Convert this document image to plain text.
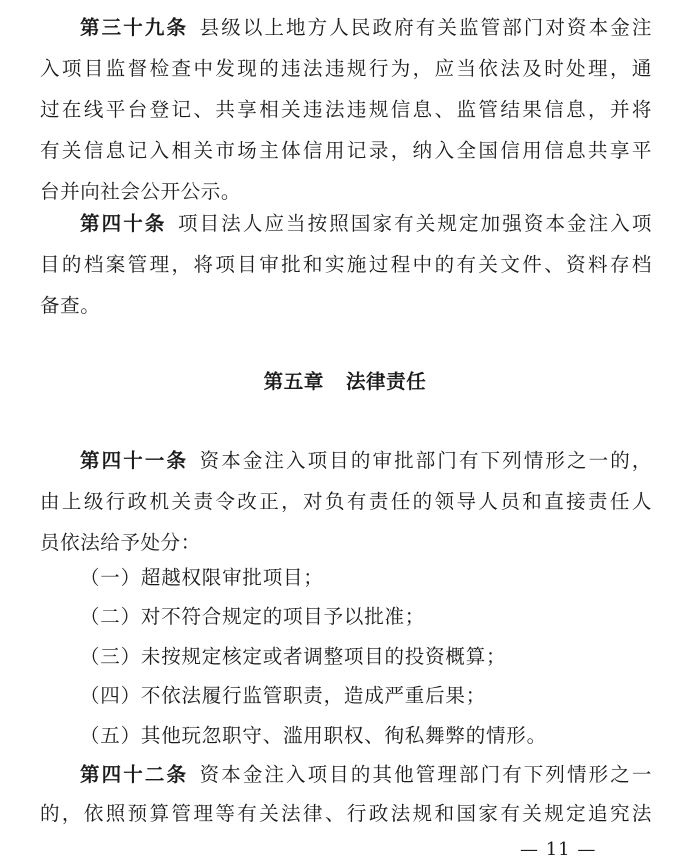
第三十九条 县级以上地方人民政府有关监管部门对资本金注
入项目监督检查中发现的违法违规行为，应当依法及时处理，通
过在线平台登记、共享相关违法违规信息、监管结果信息，并将
有关信息记入相关市场主体信用记录，纳入全国信用信息共享平
台并向社会公开公示。
第四十条 项目法人应当按照国家有关规定加强资本金注入项
目的档案管理，将项目审批和实施过程中的有关文件、资料存档
备查。
第五章 法律责任
第四十一条 资本金注入项目的审批部门有下列情形之一的，
由上级行政机关责令改正，对负有责任的领导人员和直接责任人
员依法给予处分：
（一）超越权限审批项目；
（二）对不符合规定的项目予以批准；
（三）未按规定核定或者调整项目的投资概算；
（四）不依法履行监管职责，造成严重后果；
（五）其他玩忽职守、滥用职权、徇私舞弊的情形。
第四十二条 资本金注入项目的其他管理部门有下列情形之一
的，依照预算管理等有关法律、行政法规和国家有关规定追究法
— 11 —
